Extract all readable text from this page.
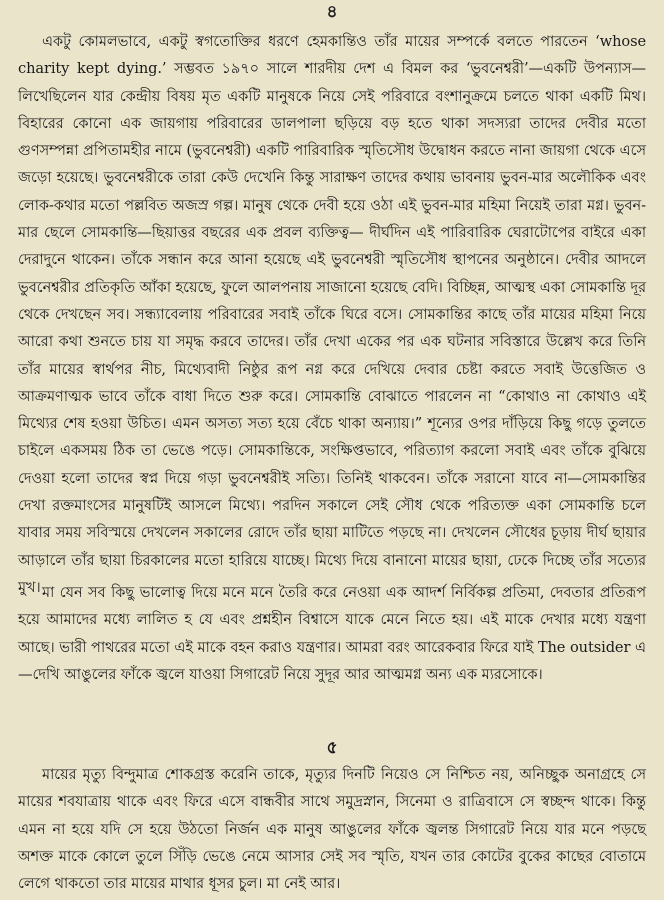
৪

একটু কোমলভাবে, একটু স্বগতোক্তির ধরণে হেমকান্তিও তাঁর মায়ের সম্পর্কে বলতে পারতেন ‘whose charity kept dying.’ সম্ভবত ১৯৭০ সালে শারদীয় দেশ এ বিমল কর ‘ভুবনেশ্বরী’—একটি উপন্যাস— লিখেছিলেন যার কেন্দ্রীয় বিষয় মৃত একটি মানুষকে নিয়ে সেই পরিবারে বংশানুক্রমে চলতে থাকা একটি মিথ। বিহারের কোনো এক জায়গায় পরিবারের ডালপালা ছড়িয়ে বড় হতে থাকা সদস্যরা তাদের দেবীর মতো গুণসম্পন্না প্রপিতামহীর নামে (ভুবনেশ্বরী) একটি পারিবারিক স্মৃতিসৌধ উদ্বোধন করতে নানা জায়গা থেকে এসে জড়ো হয়েছে। ভুবনেশ্বরীকে তারা কেউ দেখেনি কিন্তু সারাক্ষণ তাদের কথায় ভাবনায় ভুবন-মার অলৌকিক এবং লোক-কথার মতো পল্লবিত অজস্র গল্প। মানুষ থেকে দেবী হয়ে ওঠা এই ভুবন-মার মহিমা নিয়েই তারা মগ্ন। ভুবন-মার ছেলে সোমকান্তি—ছিয়াত্তর বছরের এক প্রবল ব্যক্তিত্ব— দীর্ঘদিন এই পারিবারিক ঘেরাটোপের বাইরে একা দেরাদুনে থাকেন। তাঁকে সন্ধান করে আনা হয়েছে এই ভুবনেশ্বরী স্মৃতিসৌধ স্থাপনের অনুষ্ঠানে। দেবীর আদলে ভুবনেশ্বরীর প্রতিকৃতি আঁকা হয়েছে, ফুলে আলপনায় সাজানো হয়েছে বেদি। বিচ্ছিন্ন, আত্মস্থ একা সোমকান্তি দূর থেকে দেখছেন সব। সন্ধ্যাবেলায় পরিবারের সবাই তাঁকে ঘিরে বসে। সোমকান্তির কাছে তাঁর মায়ের মহিমা নিয়ে আরো কথা শুনতে চায় যা সমৃদ্ধ করবে তাদের। তাঁর দেখা একের পর এক ঘটনার সবিস্তারে উল্লেখ করে তিনি তাঁর মায়ের স্বার্থপর নীচ, মিথ্যেবাদী নিষ্ঠুর রূপ নগ্ন করে দেখিয়ে দেবার চেষ্টা করতে সবাই উত্তেজিত ও আক্রমণাত্মক ভাবে তাঁকে বাধা দিতে শুরু করে। সোমকান্তি বোঝাতে পারলেন না “কোথাও না কোথাও এই মিথ্যের শেষ হওয়া উচিত। এমন অসত্য সত্য হয়ে বেঁচে থাকা অন্যায়।” শূন্যের ওপর দাঁড়িয়ে কিছু গড়ে তুলতে চাইলে একসময় ঠিক তা ভেঙে পড়ে। সোমকান্তিকে, সংক্ষিপ্তভাবে, পরিত্যাগ করলো সবাই এবং তাঁকে বুঝিয়ে দেওয়া হলো তাদের স্বপ্ন দিয়ে গড়া ভুবনেশ্বরীই সত্যি। তিনিই থাকবেন। তাঁকে সরানো যাবে না—সোমকান্তির দেখা রক্তমাংসের মানুষটিই আসলে মিথ্যে। পরদিন সকালে সেই সৌধ থেকে পরিত্যক্ত একা সোমকান্তি চলে যাবার সময় সবিস্ময়ে দেখলেন সকালের রোদে তাঁর ছায়া মাটিতে পড়ছে না। দেখলেন সৌধের চূড়ায় দীর্ঘ ছায়ার আড়ালে তাঁর ছায়া চিরকালের মতো হারিয়ে যাচ্ছে। মিথ্যে দিয়ে বানানো মায়ের ছায়া, ঢেকে দিচ্ছে তাঁর সত্যের মুখ। মা যেন সব কিছু ভালোত্ব দিয়ে মনে মনে তৈরি করে নেওয়া এক আদর্শ নির্বিকল্প প্রতিমা, দেবতার প্রতিরূপ হয়ে আমাদের মধ্যে লালিত হ যে এবং প্রশ্নহীন বিশ্বাসে যাকে মেনে নিতে হয়। এই মাকে দেখার মধ্যে যন্ত্রণা আছে। ভারী পাথরের মতো এই মাকে বহন করাও যন্ত্রণার। আমরা বরং আরেকবার ফিরে যাই The outsider এ—দেখি আঙুলের ফাঁকে জ্বলে যাওয়া সিগারেট নিয়ে সুদূর আর আত্মমগ্ন অন্য এক ম্যরসোকে।

৫

মায়ের মৃত্যু বিন্দুমাত্র শোকগ্রস্ত করেনি তাকে, মৃত্যুর দিনটি নিয়েও সে নিশ্চিত নয়, অনিচ্ছুক অনাগ্রহে সে মায়ের শবযাত্রায় থাকে এবং ফিরে এসে বান্ধবীর সাথে সমুদ্রস্নান, সিনেমা ও রাত্রিবাসে সে স্বচ্ছন্দ থাকে। কিন্তু এমন না হয়ে যদি সে হয়ে উঠতো নির্জন এক মানুষ আঙুলের ফাঁকে জ্বলন্ত সিগারেট নিয়ে যার মনে পড়ছে অশক্ত মাকে কোলে তুলে সিঁড়ি ভেঙে নেমে আসার সেই সব স্মৃতি, যখন তার কোটের বুকের কাছের বোতামে লেগে থাকতো তার মায়ের মাথার ধূসর চুল। মা নেই আর।
